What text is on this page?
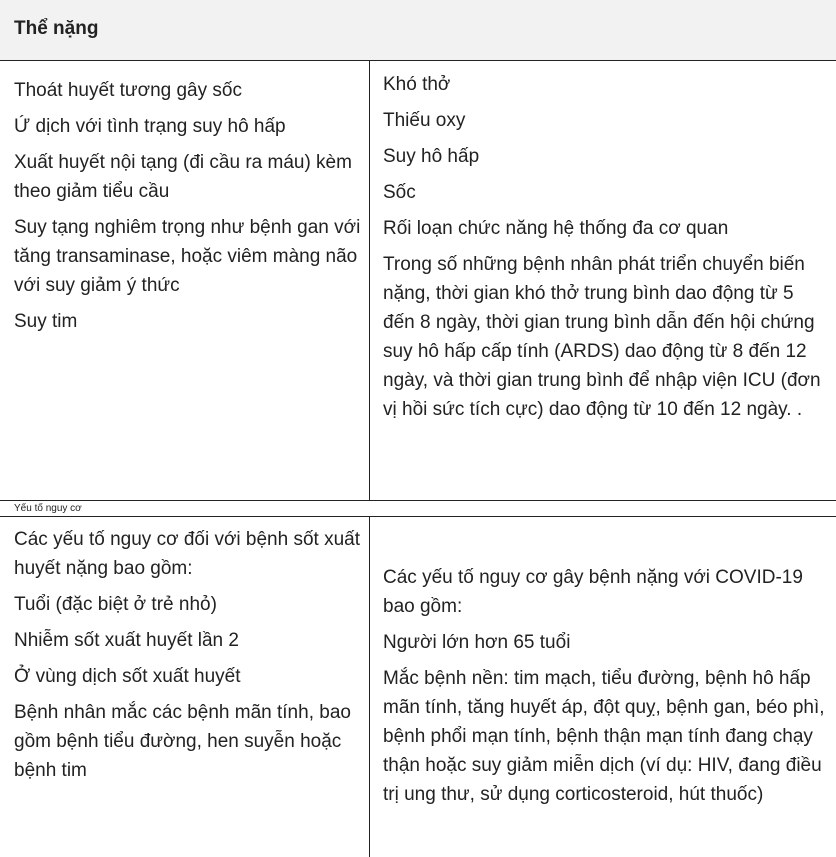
Thể nặng

Thoát huyết tương gây sốc

Ứ dịch với tình trạng suy hô hấp

Xuất huyết nội tạng (đi cầu ra máu) kèm theo giảm tiểu cầu

Suy tạng nghiêm trọng như bệnh gan với tăng transaminase, hoặc viêm màng não với suy giảm ý thức

Suy tim

Khó thở

Thiếu oxy

Suy hô hấp

Sốc

Rối loạn chức năng hệ thống đa cơ quan

Trong số những bệnh nhân phát triển chuyển biến nặng, thời gian khó thở trung bình dao động từ 5 đến 8 ngày, thời gian trung bình dẫn đến hội chứng suy hô hấp cấp tính (ARDS) dao động từ 8 đến 12 ngày, và thời gian trung bình để nhập viện ICU (đơn vị hồi sức tích cực) dao động từ 10 đến 12 ngày. .

Yếu tố nguy cơ

Các yếu tố nguy cơ đối với bệnh sốt xuất huyết nặng bao gồm:

Tuổi (đặc biệt ở trẻ nhỏ)

Nhiễm sốt xuất huyết lần 2

Ở vùng dịch sốt xuất huyết

Bệnh nhân mắc các bệnh mãn tính, bao gồm bệnh tiểu đường, hen suyễn hoặc bệnh tim

Các yếu tố nguy cơ gây bệnh nặng với COVID-19 bao gồm:

Người lớn hơn 65 tuổi

Mắc bệnh nền: tim mạch, tiểu đường, bệnh hô hấp mãn tính, tăng huyết áp, đột quỵ, bệnh gan, béo phì, bệnh phổi mạn tính, bệnh thận mạn tính đang chạy thận hoặc suy giảm miễn dịch (ví dụ: HIV, đang điều trị ung thư, sử dụng corticosteroid, hút thuốc)
